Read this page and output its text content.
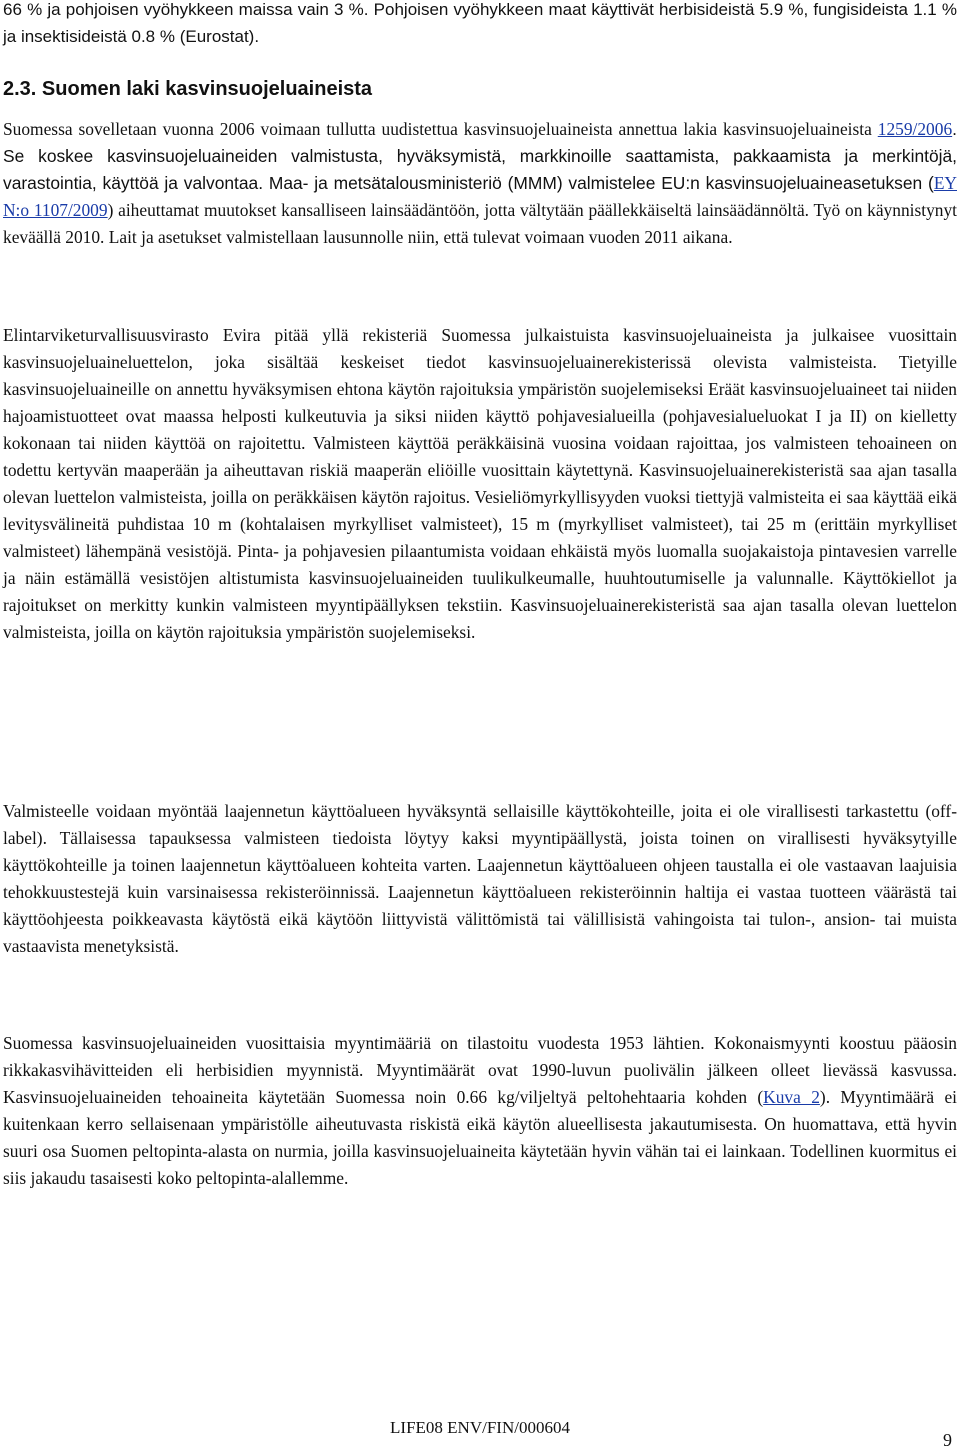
66 % ja pohjoisen vyöhykkeen maissa vain 3 %. Pohjoisen vyöhykkeen maat käyttivät herbisideistä 5.9 %, fungisideista 1.1 % ja insektisideistä 0.8 % (Eurostat).

2.3. Suomen laki kasvinsuojeluaineista

Suomessa sovelletaan vuonna 2006 voimaan tullutta uudistettua kasvinsuojeluaineista annettua lakia kasvinsuojeluaineista 1259/2006. Se koskee kasvinsuojeluaineiden valmistusta, hyväksymistä, markkinoille saattamista, pakkaamista ja merkintöjä, varastointia, käyttöä ja valvontaa. Maa- ja metsätalousministeriö (MMM) valmistelee EU:n kasvinsuojeluaineasetuksen (EY N:o 1107/2009) aiheuttamat muutokset kansalliseen lainsäädäntöön, jotta vältytään päällekkäiseltä lainsäädännöltä. Työ on käynnistynyt keväällä 2010. Lait ja asetukset valmistellaan lausunnolle niin, että tulevat voimaan vuoden 2011 aikana.

Elintarviketurvallisuusvirasto Evira pitää yllä rekisteriä Suomessa julkaistuista kasvinsuojeluaineista ja julkaisee vuosittain kasvinsuojeluaineluettelon, joka sisältää keskeiset tiedot kasvinsuojeluainerekisterissä olevista valmisteista. Tietyille kasvinsuojeluaineille on annettu hyväksymisen ehtona käytön rajoituksia ympäristön suojelemiseksi Eräät kasvinsuojeluaineet tai niiden hajoamistuotteet ovat maassa helposti kulkeutuvia ja siksi niiden käyttö pohjavesialueilla (pohjavesialueluokat I ja II) on kielletty kokonaan tai niiden käyttöä on rajoitettu. Valmisteen käyttöä peräkkäisinä vuosina voidaan rajoittaa, jos valmisteen tehoaineen on todettu kertyvän maaperään ja aiheuttavan riskiä maaperän eliöille vuosittain käytettynä. Kasvinsuojeluainerekisteristä saa ajan tasalla olevan luettelon valmisteista, joilla on peräkkäisen käytön rajoitus. Vesieliömyrkyllisyyden vuoksi tiettyjä valmisteita ei saa käyttää eikä levitysvälineitä puhdistaa 10 m (kohtalaisen myrkylliset valmisteet), 15 m (myrkylliset valmisteet), tai 25 m (erittäin myrkylliset valmisteet) lähempänä vesistöjä. Pinta- ja pohjavesien pilaantumista voidaan ehkäistä myös luomalla suojakaistoja pintavesien varrelle ja näin estämällä vesistöjen altistumista kasvinsuojeluaineiden tuulikulkeumalle, huuhtoutumiselle ja valunnalle. Käyttökiellot ja rajoitukset on merkitty kunkin valmisteen myyntipäällyksen tekstiin. Kasvinsuojeluainerekisteristä saa ajan tasalla olevan luettelon valmisteista, joilla on käytön rajoituksia ympäristön suojelemiseksi.

Valmisteelle voidaan myöntää laajennetun käyttöalueen hyväksyntä sellaisille käyttökohteille, joita ei ole virallisesti tarkastettu (off-label). Tällaisessa tapauksessa valmisteen tiedoista löytyy kaksi myyntipäällystä, joista toinen on virallisesti hyväksytyille käyttökohteille ja toinen laajennetun käyttöalueen kohteita varten. Laajennetun käyttöalueen ohjeen taustalla ei ole vastaavan laajuisia tehokkuustestejä kuin varsinaisessa rekisteröinnissä. Laajennetun käyttöalueen rekisteröinnin haltija ei vastaa tuotteen väärästä tai käyttöohjeesta poikkeavasta käytöstä eikä käytöön liittyvistä välittömistä tai välillisistä vahingoista tai tulon-, ansion- tai muista vastaavista menetyksistä.

Suomessa kasvinsuojeluaineiden vuosittaisia myyntimääriä on tilastoitu vuodesta 1953 lähtien. Kokonaismyynti koostuu pääosin rikkakasvihävitteiden eli herbisidien myynnistä. Myyntimäärät ovat 1990-luvun puolivälin jälkeen olleet lievässä kasvussa. Kasvinsuojeluaineiden tehoaineita käytetään Suomessa noin 0.66 kg/viljeltyä peltohehtaaria kohden (Kuva 2). Myyntimäärä ei kuitenkaan kerro sellaisenaan ympäristölle aiheutuvasta riskistä eikä käytön alueellisesta jakautumisesta. On huomattava, että hyvin suuri osa Suomen peltopinta-alasta on nurmia, joilla kasvinsuojeluaineita käytetään hyvin vähän tai ei lainkaan. Todellinen kuormitus ei siis jakaudu tasaisesti koko peltopinta-alallemme.

LIFE08 ENV/FIN/000604
9
